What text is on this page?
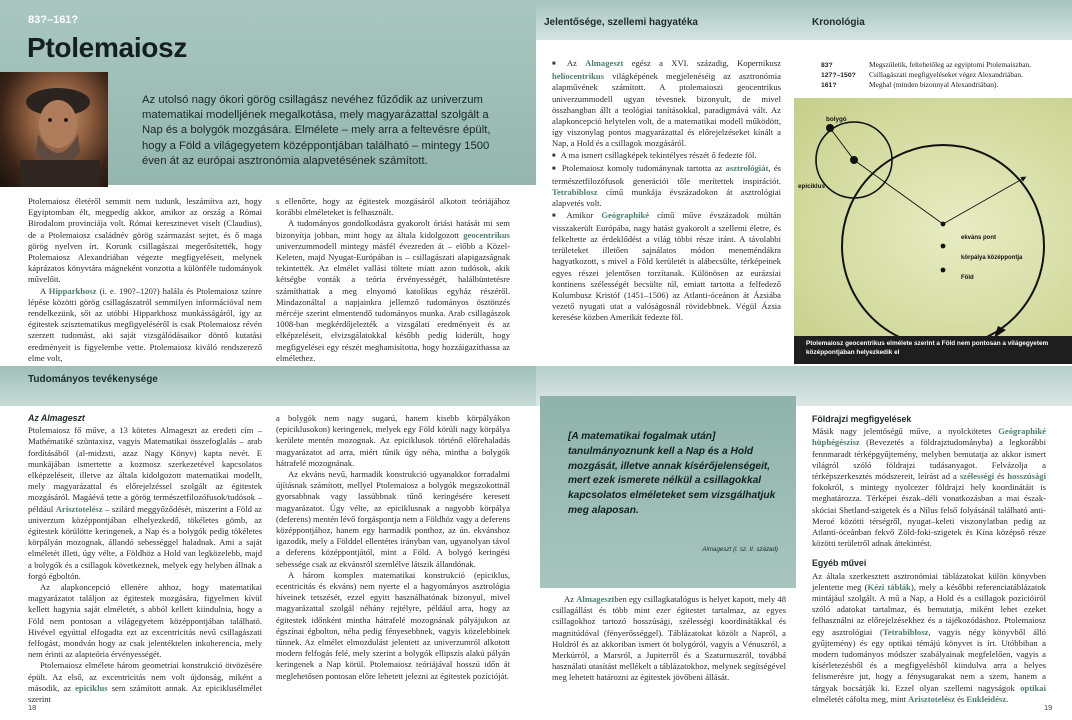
83?–161?
Ptolemaiosz
Az utolsó nagy ókori görög csillagász nevéhez fűződik az univerzum matematikai modelljének megalkotása, mely magyarázattal szolgált a Nap és a bolygók mozgására. Elmélete – mely arra a feltevésre épült, hogy a Föld a világegyetem középpontjában található – mintegy 1500 éven át az európai asztronómia alapvetésének számított.

Ptolemaiosz életéről semmit nem tudunk, leszámítva azt, hogy Egyiptomban élt, megpedig akkor, amikor az ország a Római Birodalom provinciája volt. Római keresztnevet viselt (Claudius), de a Ptolemaiosz családnév görög származást sejtet, és ő maga görög nyelven írt. Korunk csillagászai megerősítették, hogy Ptolemaiosz Alexandriában végezte megfigyeléseit, melynek káprázatos könyvtára mágneként vonzotta a különféle tudományok művelőit.

A Hipparkhosz (i. e. 190?–120?) halála és Ptolemaiosz színre lépése közötti görög csillagászatról semmilyen információval nem rendelkezünk, sőt az utóbbi Hipparkhosz munkásságáról, így az égitestek szisztematikus megfigyeléséről is csak Ptolemaiosz révén szerzett tudomást, aki saját vizsgálódásaikor döntő kutatási eredményeit is figyelembe vette. Ptolemaiosz kiváló rendszerező elme volt,

s ellenőrte, hogy az égitestek mozgásáról alkotott teóriájához korábbi elméleteket is felhasznált.

A tudományos gondolkodásra gyakorolt óriási hatását mi sem bizonyítja jobban, mint hogy az általa kidolgozott geocentrikus univerzummodell mintegy másfél évezreden át – előbb a Közel-Keleten, majd Nyugat-Európában is – csillagászati alapigazságnak tekintették. Az elmélet vallási töltete miatt azon tudósok, akik kétségbe vonták a teória érvényességét, halálbüntetésre számíthattak a meg elnyomó katolikus egyház részéről. Mindazonáltal a napjainkra jellemző tudományos ösztönzés mércéje szerint elmentendő tudományos munka. Arab csillagászok 1008-ban megkérdőjelezték a vizsgálati eredményeit és az elképzeléseit, elvizsgálatokkal később pedig kiderült, hogy megfigyelései egy részét meghamisította, hogy hozzáigazíthassa az elmélethez.

Tudományos tevékenysége
Az Almageszt

Ptolemaiosz fő műve, a 13 kötetes Almageszt az eredeti cím – Mathématiké szüntaxisz, vagyis Matematikai összefoglalás – arab fordításából (al-midzsti, azaz Nagy Könyv) kapta nevét. E munkájában ismertette a kozmosz szerkezetével kapcsolatos elképzeléseit, illetve az általa kidolgozott matematikai modellt, mely magyarázattal és előrejelzéssel szolgált az égitestek mozgásáról. Magáévá tette a görög természetfilozófusok/tudósok – például Arisztotelész – szilárd meggyőződését, miszerint a Föld az univerzum középpontjában elhelyezkedő, tökéletes gömb, az égitestek körülötte keringenek, a Nap és a bolygók pedig tökéletes körpályán mozognak, állandó sebességgel haladnak. Ami a saját elméletét illeti, úgy vélte, a Földhöz a Hold van legközelebb, majd a bolygók és a csillagok következnek, melyek egy helyben állnak a forgó égboltón.

Az alapkoncepció ellenére ahhoz, hogy matematikai magyarázatot találjon az égitestek mozgására, figyelmen kívül kellett hagynia saját elméletét, s abból kellett kiindulnia, hogy a Föld nem pontosan a világegyetem középpontjában található. Hivével egyúttal elfogadta ezt az excentricitás nevű csillagászati felfogást, mondván hogy az csak jelentéktelen inkoherencia, mely nem érinti az alapteória érvényességét.

Ptolemaiosz elmélete három geometriai konstrukció ötvözésére épült. Az első, az excentricitás nem volt újdonság, miként a második, az epiciklus sem számított annak. Az epiciklusélmélet szerint

a bolygók nem nagy sugarú, hanem kisebb körpályákon (epiciklusokon) keringenek, melyek egy Föld körüli nagy körpálya kerülete mentén mozognak. Az epiciklusok történő előrehaladás magyarázatot ad arra, miért tűnik úgy néha, mintha a bolygók hátrafelé mozognának.

Az ekváns nevű, harmadik konstrukció ugyanakkor forradalmi újításnak számított, mellyel Ptolemaiosz a bolygók megszokottnál gyorsabbnak vagy lassúbbnak tűnő keringésére keresett magyarázatot. Úgy vélte, az epiciklusnak a nagyobb körpálya (deferens) mentén lévő forgáspontja nem a Földhöz vagy a deferens középpontjához, hanem egy harmadik ponthoz, az ún. ekvánshoz igazodik, mely a Földdel ellentétes irányban van, ugyanolyan távol a deferens középpontjától, mint a Föld. A bolygó keringési sebessége csak az ekvánsról szemlélve látszik állandónak.

A három komplex matematikai konstrukció (epiciklus, ecentricitás és ekváns) nem nyerte el a hagyományos asztrológia híveinek tetszését, ezzel egyitt használhatónak bizonyul, mivel magyarázattal szolgál néhány rejtélyre, például arra, hogy az égitestek időnként mintha hátrafelé mozognának pályájukon az égszínai égbolton, néha pedig fényesebbnek, vagyis közelebbinek tűnnek. Az elmélet elmozdulást jelentett az univerzumról alkotott modern felfogás felé, mely szerint a bolygók ellipszis alakú pályán keringenek a Nap körül. Ptolemaiosz teóriájával hosszú időn át meglehetősen pontosan előre lehetett jelezni az égitestek pozícióját.

18
Jelentősége, szellemi hagyatéka	Kronológia

■ Az Almageszt egész a XVI. századig, Kopernikusz heliocentrikus világképének megjelenéséig az asztronómia alapművének számított. A ptolemaioszi geocentrikus univerzummodell ugyan tévesnek bizonyult, de mivel összhangban állt a teológiai tanításokkal, paradigmává vált. Az alapkoncepció helytelen volt, de a matematikai modell működött, így viszonylag pontos magyarázattal és előrejelzéseket kínált a Nap, a Hold és a csillagok mozgásáról.

■ A ma ismert csillagképek tekintélyes részét ő fedezte föl.

■ Ptolemaiosz komoly tudománynak tartotta az asztrológiát, és természetfilozófusok generációi tőle merítettek inspirációt. Tetrabiblosz című munkája évszázadokon át asztrológiai alapvetés volt.

■ Amikor Geógraphiké című műve évszázadok múltán visszakerült Európába, nagy hatást gyakorolt a szellemi életre, és felkeltette az érdeklődést a világ többi része iránt. A távolabbi területeket illetően sajnálatos módon meneméndákra hagyatkozott, s mivel a Föld kerületét is alábecsülte, térképeinek egyes részei jelentősen torzítanak. Különösen az eurázsiai kontinens szélességét becsülte túl, emiatt tartotta a felfedező Kolumbusz Kristóf (1451–1506) az Atlanti-óceánon át Ázsiába vezető nyugati utat a valóságosnál rövidebbnek. Végül Ázsia keresése közben Amerikát fedezte föl.

83?	Megszületik, feltehetőleg az egyiptomi Ptolemaiszban.
127?–150? Csillagászati megfigyeléseket végez Alexandriában.
161?	Meghal (minden bizonnyal Alexandriában).
bolygó
epiciklus
ekváns pont
körpálya középpontja
Föld
Ptolemaiosz geocentrikus elmélete szerint a Föld nem pontosan a világegyetem középpontjában helyezkedik el
[A matematikai fogalmak után] tanulmányoznunk kell a Nap és a Hold mozgását, illetve annak kísérőjelenségeit, mert ezek ismerete nélkül a csillagokkal kapcsolatos elméleteket sem vizsgálhatjuk meg alaposan.
Almageszt (i. sz. II. század)

Az Almagesztben egy csillagkatalógus is helyet kapott, mely 48 csillagállást és több mint ezer égitestet tartalmaz, az egyes csillagokhoz tartozó hosszúsági, szélességi koordinátákkal és magnitúdóval (fényerősséggel). Táblázatokat közölt a Napról, a Holdról és az akkoriban ismert öt bolygóról, vagyis a Vénuszról, a Merkúrról, a Marsról, a Jupiterről és a Szaturnuszról, továbbá használati utasítást mellékelt a táblázatokhoz, melynek segítségével meg lehetett határozni az égitestek jövőbeni állását.

Földrajzi megfigyelések

Másik nagy jelentőségű műve, a nyolckötetes Geógraphiké hüphégészisz (Bevezetés a földrajztudományba) a legkorábbi fennmaradt térképgyűjtemény, melyben bemutatja az akkor ismert világról szóló földrajzi tudásanyagot. Felvázolja a térképszerkesztés módszereit, leírást ad a szélességi és hosszúsági fokokról, s mintegy nyolcezer földrajzi hely koordinátáit is meghatározza. Térképei észak–déli vonatkozásban a mai észak-skóciai Shetland-szigetek és a Nílus felső folyásánál található anti-Meroé közötti térségről, nyugat–keleti viszonylatban pedig az Atlanti-óceánban fekvő Zöld-foki-szigetek és Kína középső része közötti területről adnak áttekintést.

Egyéb művei

Az általa szerkesztett asztronómiai táblázatokat külön könyvben jelentette meg (Kézi táblák), mely a későbbi referenciatáblázatok mintájául szolgált. A mű a Nap, a Hold és a csillagok pozícióiról szóló adatokat tartalmaz, és bemutatja, miként lehet ezeket felhasználni az előrejelzésekhez és a tájékozódáshoz. Ptolemaiosz egy asztrológiai (Tetrabiblosz, vagyis négy könyvből álló gyűjtemény) és egy optikai témájú könyvet is írt. Utóbbiban a modern tudományos módszer szabályainak megfelelően, vagyis a kísérletezésből és a megfigyelésből kiindulva arra a helyes felismerésre jut, hogy a fénysugarakat nem a szem, hanem a tárgyak bocsátják ki. Ezzel olyan szellemi nagyságok optikai elméletét cáfolta meg, mint Arisztotelész és Eukleidész.

19
